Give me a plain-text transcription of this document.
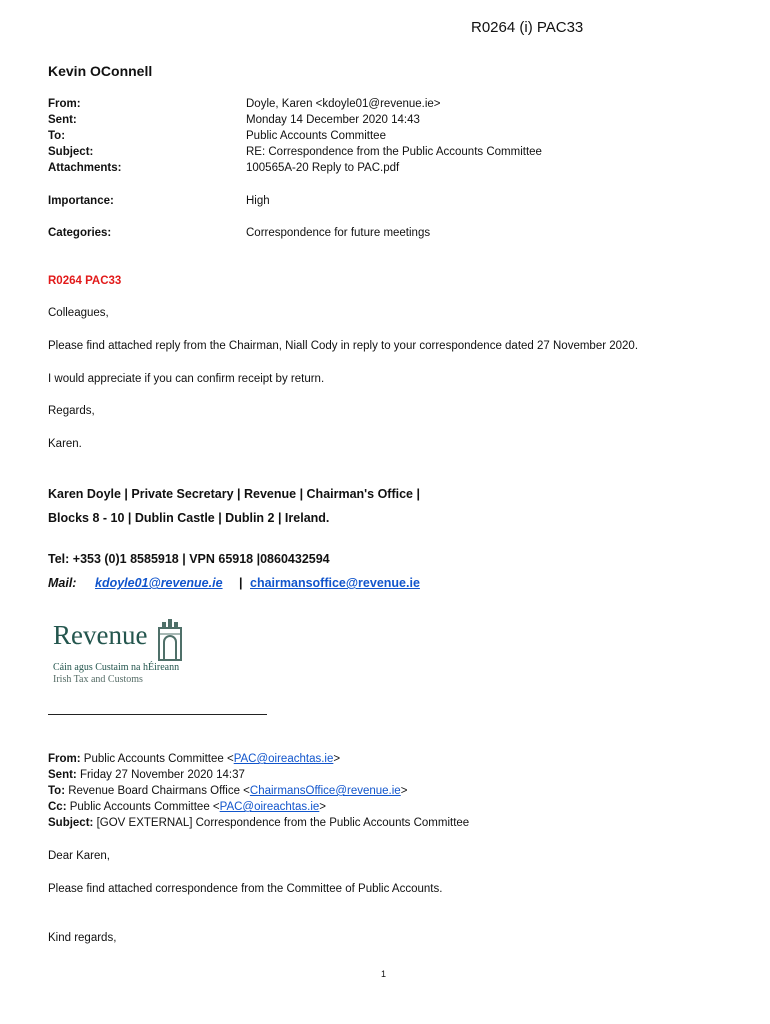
R0264 (i) PAC33
Kevin OConnell
From:	Doyle, Karen <kdoyle01@revenue.ie>
Sent:	Monday 14 December 2020 14:43
To:	Public Accounts Committee
Subject:	RE: Correspondence from the Public Accounts Committee
Attachments:	100565A-20 Reply to PAC.pdf
Importance:	High
Categories:	Correspondence for future meetings
R0264 PAC33
Colleagues,
Please find attached reply from the Chairman, Niall Cody in reply to your correspondence dated 27 November 2020.
I would appreciate if you can confirm receipt by return.
Regards,
Karen.
Karen Doyle | Private Secretary | Revenue | Chairman's Office |
Blocks 8 - 10 | Dublin Castle | Dublin 2 | Ireland.
Tel: +353 (0)1 8585918 | VPN 65918 |0860432594
Mail: kdoyle01@revenue.ie | chairmansoffice@revenue.ie
Revenue
Cáin agus Custaim na hÉireann
Irish Tax and Customs
From: Public Accounts Committee <PAC@oireachtas.ie>
Sent: Friday 27 November 2020 14:37
To: Revenue Board Chairmans Office <ChairmansOffice@revenue.ie>
Cc: Public Accounts Committee <PAC@oireachtas.ie>
Subject: [GOV EXTERNAL] Correspondence from the Public Accounts Committee
Dear Karen,
Please find attached correspondence from the Committee of Public Accounts.
Kind regards,
1
